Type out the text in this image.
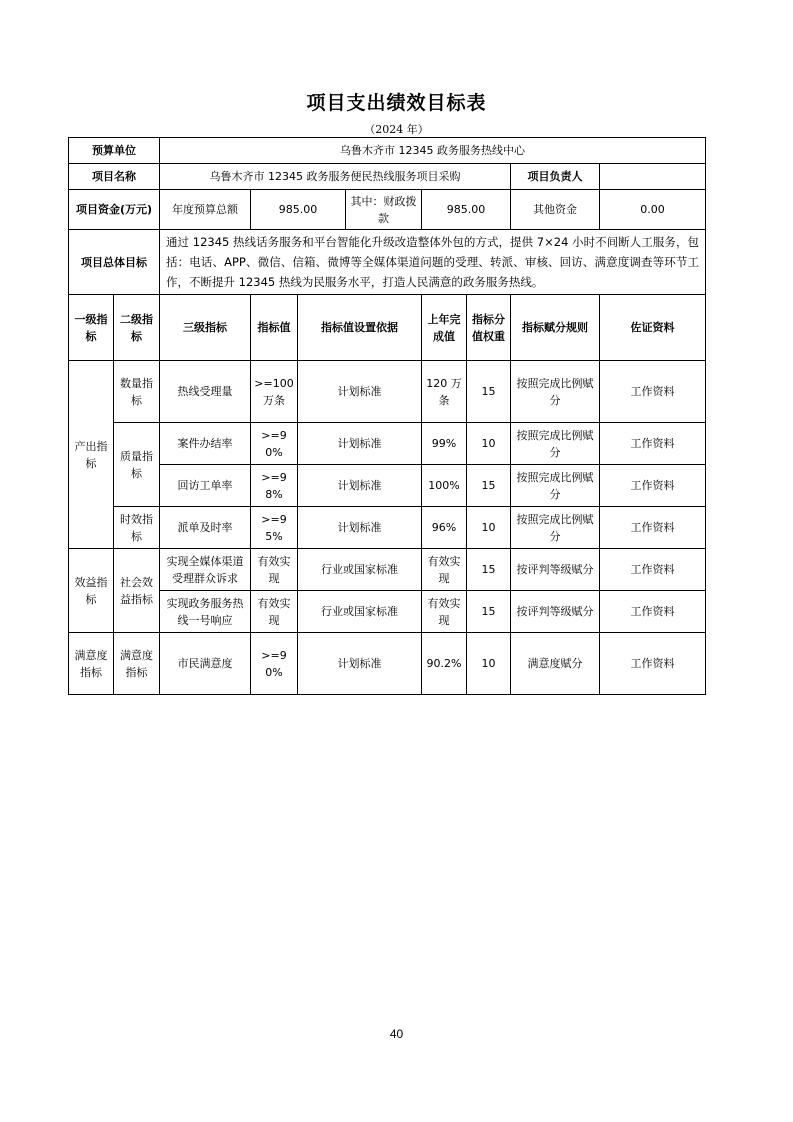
项目支出绩效目标表
（2024 年）
预算单位		乌鲁木齐市 12345 政务服务热线中心							
项目名称		乌鲁木齐市 12345 政务服务便民热线服务项目采购						项目负责人	
项目资金(万元)		年度预算总额	985.00		其中：财政拨款	985.00		其他资金	0.00
项目总体目标		通过 12345 热线话务服务和平台智能化升级改造整体外包的方式，提供 7×24 小时不间断人工服务，包括：电话、APP、微信、信箱、微博等全媒体渠道问题的受理、转派、审核、回访、满意度调查等环节工作，不断提升 12345 热线为民服务水平，打造人民满意的政务服务热线。							
一级指标	二级指标	三级指标	指标值	指标值设置依据		上年完成值	指标分值权重	指标赋分规则	佐证资料
产出指标	数量指标	热线受理量	>=100万条	计划标准		120 万条	15	按照完成比例赋分	工作资料
	质量指标	案件办结率	>=90%	计划标准		99%	10	按照完成比例赋分	工作资料
		回访工单率	>=98%	计划标准		100%	15	按照完成比例赋分	工作资料
	时效指标	派单及时率	>=95%	计划标准		96%	10	按照完成比例赋分	工作资料
效益指标	社会效益指标	实现全媒体渠道受理群众诉求	有效实现	行业或国家标准		有效实现	15	按评判等级赋分	工作资料
		实现政务服务热线一号响应	有效实现	行业或国家标准		有效实现	15	按评判等级赋分	工作资料
满意度指标	满意度指标	市民满意度	>=90%	计划标准		90.2%	10	满意度赋分	工作资料
40
